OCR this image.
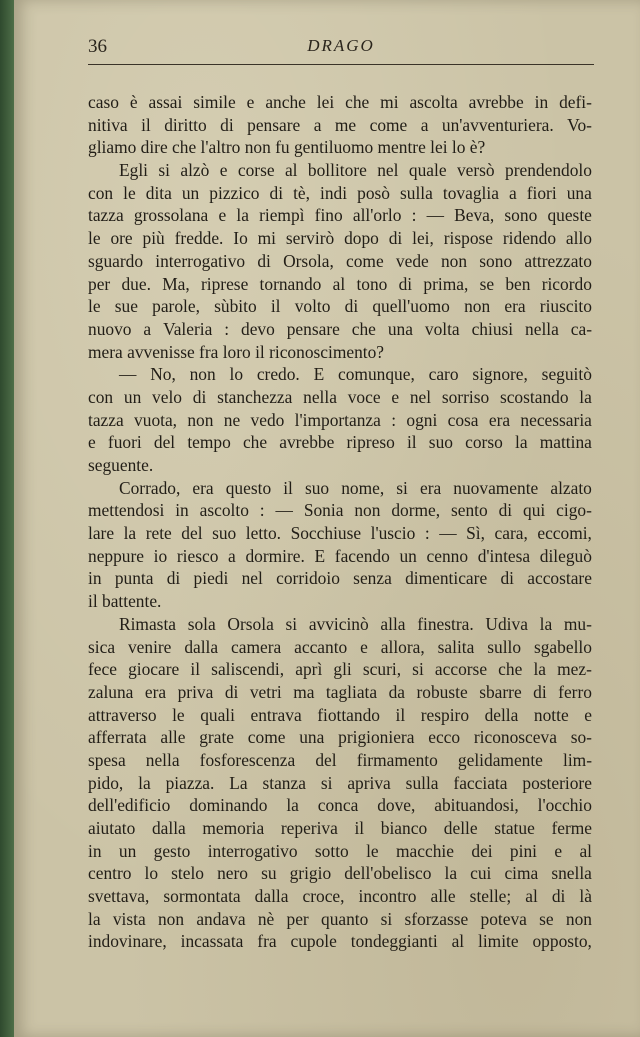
36	DRAGO
caso è assai simile e anche lei che mi ascolta avrebbe in defi-
nitiva il diritto di pensare a me come a un'avventuriera. Vo-
gliamo dire che l'altro non fu gentiluomo mentre lei lo è?
Egli si alzò e corse al bollitore nel quale versò prendendolo
con le dita un pizzico di tè, indi posò sulla tovaglia a fiori una
tazza grossolana e la riempì fino all'orlo : — Beva, sono queste
le ore più fredde. Io mi servirò dopo di lei, rispose ridendo allo
sguardo interrogativo di Orsola, come vede non sono attrezzato
per due. Ma, riprese tornando al tono di prima, se ben ricordo
le sue parole, sùbito il volto di quell'uomo non era riuscito
nuovo a Valeria : devo pensare che una volta chiusi nella ca-
mera avvenisse fra loro il riconoscimento?
— No, non lo credo. E comunque, caro signore, seguitò
con un velo di stanchezza nella voce e nel sorriso scostando la
tazza vuota, non ne vedo l'importanza : ogni cosa era necessaria
e fuori del tempo che avrebbe ripreso il suo corso la mattina
seguente.
Corrado, era questo il suo nome, si era nuovamente alzato
mettendosi in ascolto : — Sonia non dorme, sento di qui cigo-
lare la rete del suo letto. Socchiuse l'uscio : — Sì, cara, eccomi,
neppure io riesco a dormire. E facendo un cenno d'intesa dileguò
in punta di piedi nel corridoio senza dimenticare di accostare
il battente.
Rimasta sola Orsola si avvicinò alla finestra. Udiva la mu-
sica venire dalla camera accanto e allora, salita sullo sgabello
fece giocare il saliscendi, aprì gli scuri, si accorse che la mez-
zaluna era priva di vetri ma tagliata da robuste sbarre di ferro
attraverso le quali entrava fiottando il respiro della notte e
afferrata alle grate come una prigioniera ecco riconosceva so-
spesa nella fosforescenza del firmamento gelidamente lim-
pido, la piazza. La stanza si apriva sulla facciata posteriore
dell'edificio dominando la conca dove, abituandosi, l'occhio
aiutato dalla memoria reperiva il bianco delle statue ferme
in un gesto interrogativo sotto le macchie dei pini e al
centro lo stelo nero su grigio dell'obelisco la cui cima snella
svettava, sormontata dalla croce, incontro alle stelle; al di là
la vista non andava nè per quanto si sforzasse poteva se non
indovinare, incassata fra cupole tondeggianti al limite opposto,
